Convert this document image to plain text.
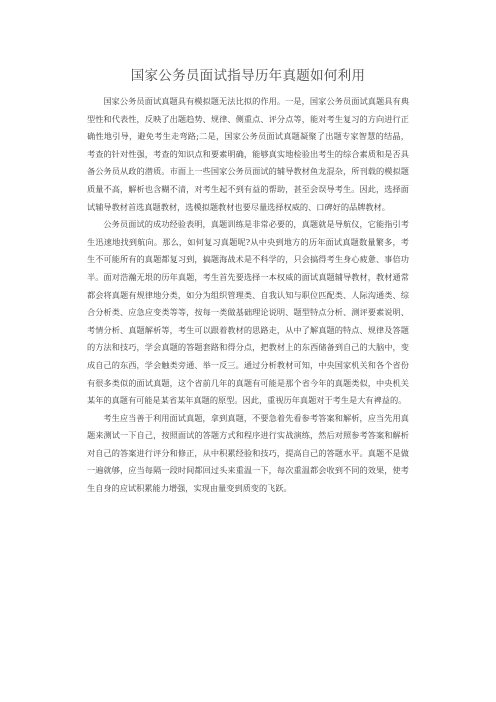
国家公务员面试指导历年真题如何利用

国家公务员面试真题具有模拟题无法比拟的作用。一是，国家公务员面试真题具有典型性和代表性，反映了出题趋势、规律、侧重点、评分点等，能对考生复习的方向进行正确性地引导，避免考生走弯路;二是，国家公务员面试真题凝聚了出题专家智慧的结晶，考查的针对性强，考查的知识点和要素明确，能够真实地检验出考生的综合素质和是否具备公务员从政的潜质。市面上一些国家公务员面试的辅导教材鱼龙混杂，所刊载的模拟题质量不高，解析也含糊不清，对考生起不到有益的帮助，甚至会误导考生。因此，选择面试辅导教材首选真题教材，选模拟题教材也要尽量选择权威的、口碑好的品牌教材。

公务员面试的成功经验表明，真题训练是非常必要的，真题就是导航仪，它能指引考生迅速地找到航向。那么，如何复习真题呢?从中央到地方的历年面试真题数量繁多，考生不可能所有的真题都复习到，搞题海战术是不科学的，只会搞得考生身心疲惫、事倍功半。面对浩瀚无垠的历年真题，考生首先要选择一本权威的面试真题辅导教材，教材通常都会将真题有规律地分类，如分为组织管理类、自我认知与职位匹配类、人际沟通类、综合分析类、应急应变类等等，按每一类做基础理论说明、题型特点分析、测评要素说明、考情分析、真题解析等，考生可以跟着教材的思路走，从中了解真题的特点、规律及答题的方法和技巧，学会真题的答题套路和得分点，把教材上的东西储备到自己的大脑中，变成自己的东西，学会触类旁通、举一反三。通过分析教材可知，中央国家机关和各个省份有很多类似的面试真题，这个省前几年的真题有可能是那个省今年的真题类似，中央机关某年的真题有可能是某省某年真题的原型。因此，重视历年真题对于考生是大有裨益的。

考生应当善于利用面试真题，拿到真题，不要急着先看参考答案和解析，应当先用真题来测试一下自己，按照面试的答题方式和程序进行实战演练，然后对照参考答案和解析对自己的答案进行评分和修正，从中积累经验和技巧，提高自己的答题水平。真题不是做一遍就够，应当每隔一段时间都回过头来重温一下，每次重温都会收到不同的效果，使考生自身的应试积累能力增强，实现由量变到质变的飞跃。
